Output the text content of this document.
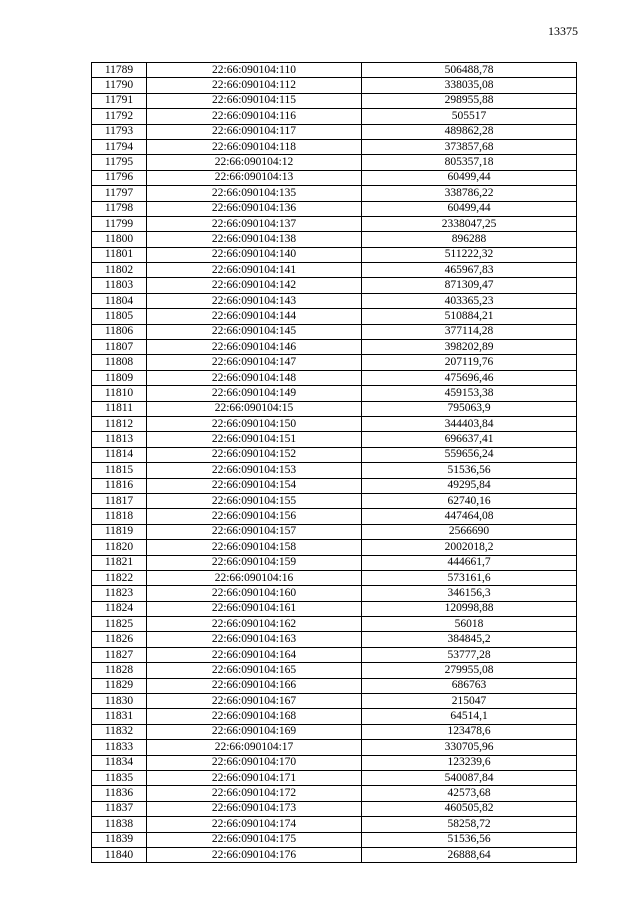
13375
11789	22:66:090104:110	506488,78
11790	22:66:090104:112	338035,08
11791	22:66:090104:115	298955,88
11792	22:66:090104:116	505517
11793	22:66:090104:117	489862,28
11794	22:66:090104:118	373857,68
11795	22:66:090104:12	805357,18
11796	22:66:090104:13	60499,44
11797	22:66:090104:135	338786,22
11798	22:66:090104:136	60499,44
11799	22:66:090104:137	2338047,25
11800	22:66:090104:138	896288
11801	22:66:090104:140	511222,32
11802	22:66:090104:141	465967,83
11803	22:66:090104:142	871309,47
11804	22:66:090104:143	403365,23
11805	22:66:090104:144	510884,21
11806	22:66:090104:145	377114,28
11807	22:66:090104:146	398202,89
11808	22:66:090104:147	207119,76
11809	22:66:090104:148	475696,46
11810	22:66:090104:149	459153,38
11811	22:66:090104:15	795063,9
11812	22:66:090104:150	344403,84
11813	22:66:090104:151	696637,41
11814	22:66:090104:152	559656,24
11815	22:66:090104:153	51536,56
11816	22:66:090104:154	49295,84
11817	22:66:090104:155	62740,16
11818	22:66:090104:156	447464,08
11819	22:66:090104:157	2566690
11820	22:66:090104:158	2002018,2
11821	22:66:090104:159	444661,7
11822	22:66:090104:16	573161,6
11823	22:66:090104:160	346156,3
11824	22:66:090104:161	120998,88
11825	22:66:090104:162	56018
11826	22:66:090104:163	384845,2
11827	22:66:090104:164	53777,28
11828	22:66:090104:165	279955,08
11829	22:66:090104:166	686763
11830	22:66:090104:167	215047
11831	22:66:090104:168	64514,1
11832	22:66:090104:169	123478,6
11833	22:66:090104:17	330705,96
11834	22:66:090104:170	123239,6
11835	22:66:090104:171	540087,84
11836	22:66:090104:172	42573,68
11837	22:66:090104:173	460505,82
11838	22:66:090104:174	58258,72
11839	22:66:090104:175	51536,56
11840	22:66:090104:176	26888,64
